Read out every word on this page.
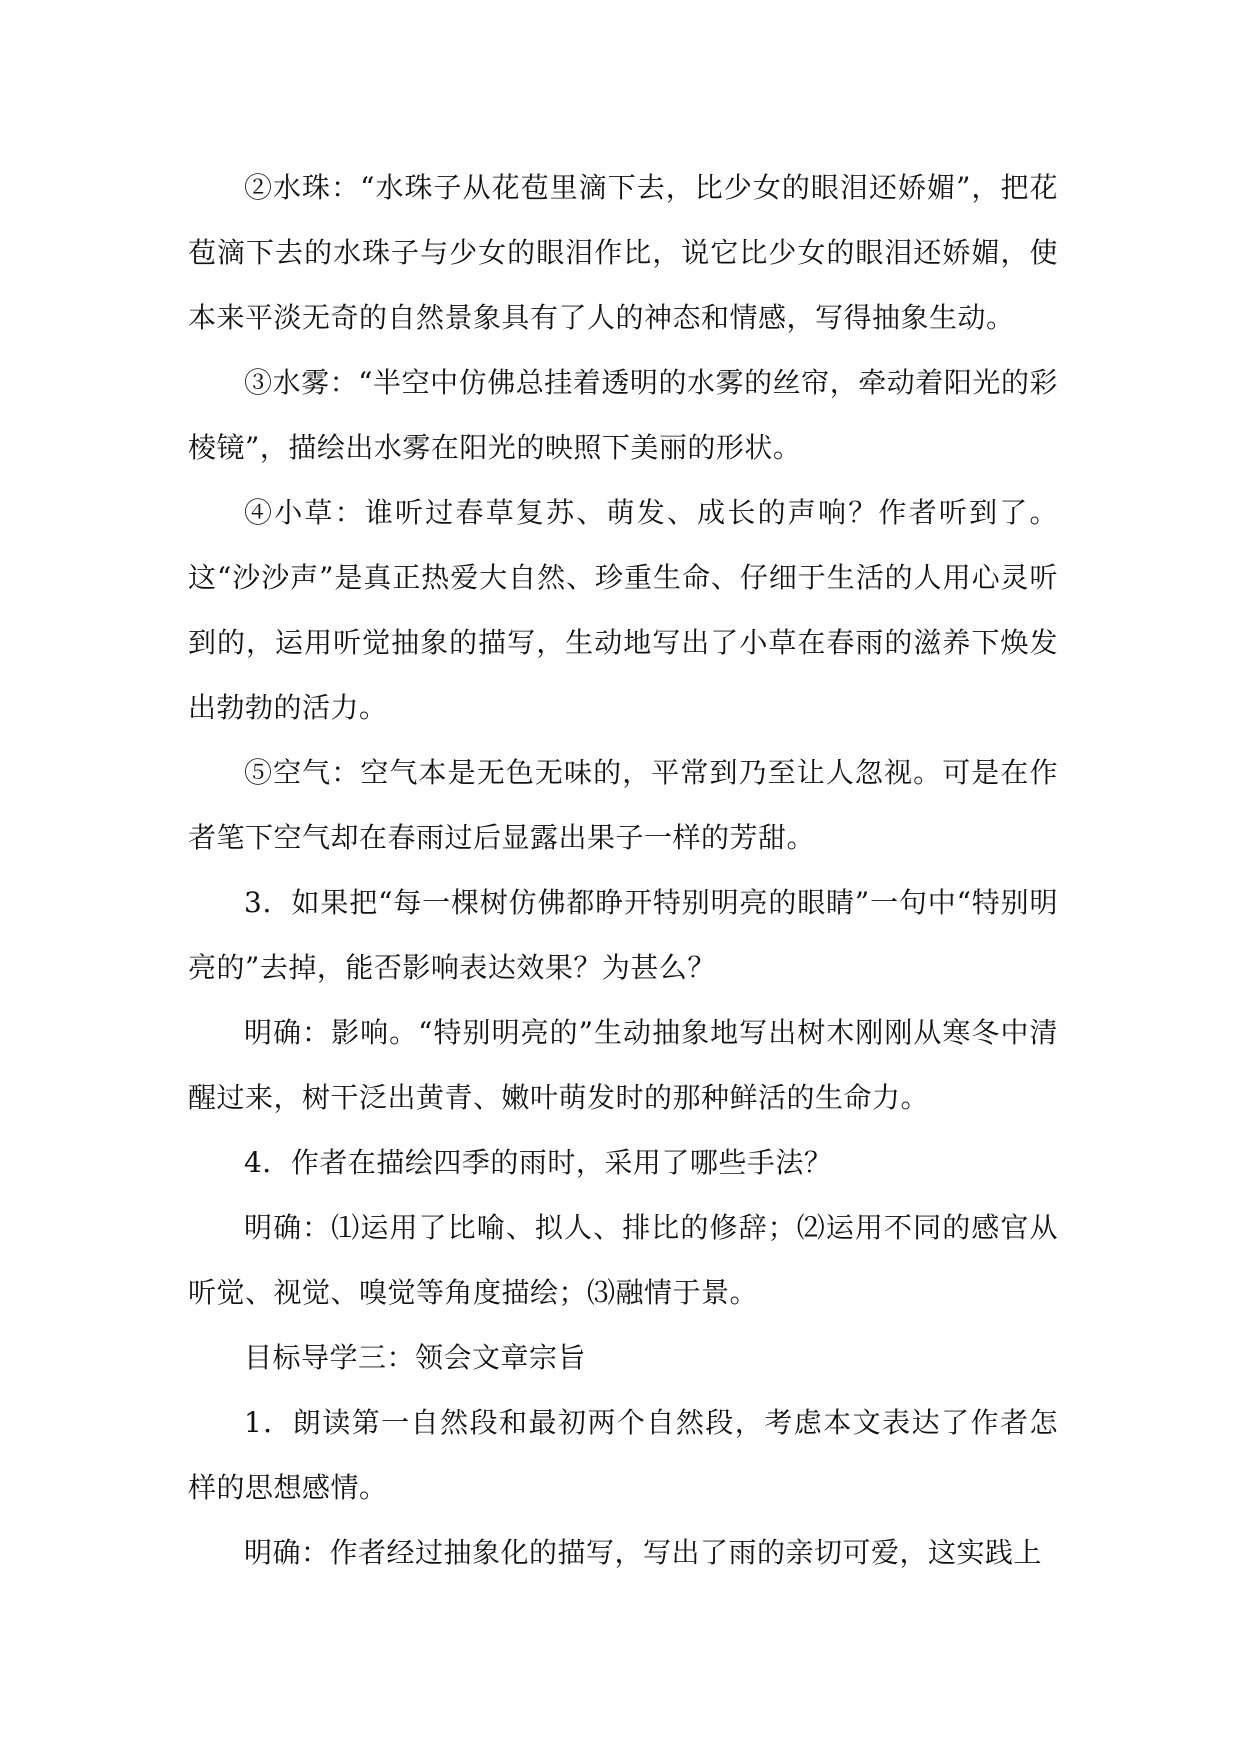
②水珠：“水珠子从花苞里滴下去，比少女的眼泪还娇媚”，把花苞滴下去的水珠子与少女的眼泪作比，说它比少女的眼泪还娇媚，使本来平淡无奇的自然景象具有了人的神态和情感，写得抽象生动。

③水雾：“半空中仿佛总挂着透明的水雾的丝帘，牵动着阳光的彩棱镜”，描绘出水雾在阳光的映照下美丽的形状。

④小草：谁听过春草复苏、萌发、成长的声响？作者听到了。这“沙沙声”是真正热爱大自然、珍重生命、仔细于生活的人用心灵听到的，运用听觉抽象的描写，生动地写出了小草在春雨的滋养下焕发出勃勃的活力。

⑤空气：空气本是无色无味的，平常到乃至让人忽视。可是在作者笔下空气却在春雨过后显露出果子一样的芳甜。

3．如果把“每一棵树仿佛都睁开特别明亮的眼睛”一句中“特别明亮的”去掉，能否影响表达效果？为甚么？

明确：影响。“特别明亮的”生动抽象地写出树木刚刚从寒冬中清醒过来，树干泛出黄青、嫩叶萌发时的那种鲜活的生命力。

4．作者在描绘四季的雨时，采用了哪些手法？

明确：⑴运用了比喻、拟人、排比的修辞；⑵运用不同的感官从听觉、视觉、嗅觉等角度描绘；⑶融情于景。

目标导学三：领会文章宗旨

1．朗读第一自然段和最初两个自然段，考虑本文表达了作者怎样的思想感情。

明确：作者经过抽象化的描写，写出了雨的亲切可爱，这实践上
